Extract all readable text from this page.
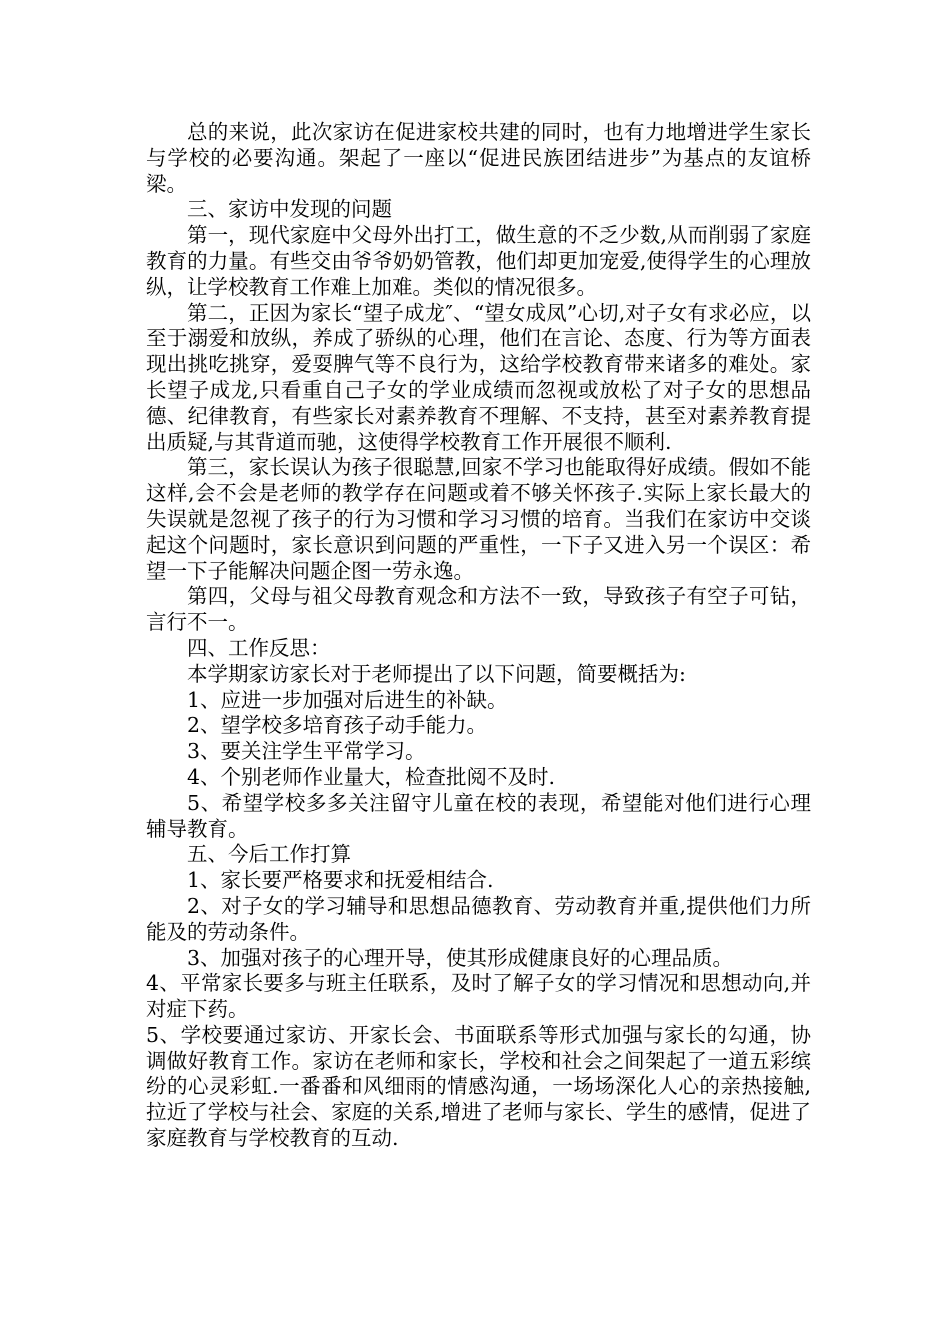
总的来说，此次家访在促进家校共建的同时，也有力地增进学生家长与学校的必要沟通。架起了一座以“促进民族团结进步”为基点的友谊桥梁。

三、家访中发现的问题

第一，现代家庭中父母外出打工，做生意的不乏少数,从而削弱了家庭教育的力量。有些交由爷爷奶奶管教，他们却更加宠爱,使得学生的心理放纵，让学校教育工作难上加难。类似的情况很多。

第二，正因为家长“望子成龙″、“望女成凤”心切,对子女有求必应，以至于溺爱和放纵，养成了骄纵的心理，他们在言论、态度、行为等方面表现出挑吃挑穿，爱耍脾气等不良行为，这给学校教育带来诸多的难处。家长望子成龙,只看重自己子女的学业成绩而忽视或放松了对子女的思想品德、纪律教育，有些家长对素养教育不理解、不支持，甚至对素养教育提出质疑,与其背道而驰，这使得学校教育工作开展很不顺利.

第三，家长误认为孩子很聪慧,回家不学习也能取得好成绩。假如不能这样,会不会是老师的教学存在问题或着不够关怀孩子.实际上家长最大的失误就是忽视了孩子的行为习惯和学习习惯的培育。当我们在家访中交谈起这个问题时，家长意识到问题的严重性，一下子又进入另一个误区：希望一下子能解决问题企图一劳永逸。

第四，父母与祖父母教育观念和方法不一致，导致孩子有空子可钻，言行不一。

四、工作反思：

本学期家访家长对于老师提出了以下问题，简要概括为:

1、应进一步加强对后进生的补缺。

2、望学校多培育孩子动手能力。

3、要关注学生平常学习。

4、个别老师作业量大，检查批阅不及时.

5、希望学校多多关注留守儿童在校的表现，希望能对他们进行心理辅导教育。

五、今后工作打算

1、家长要严格要求和抚爱相结合.

2、对子女的学习辅导和思想品德教育、劳动教育并重,提供他们力所能及的劳动条件。

3、加强对孩子的心理开导，使其形成健康良好的心理品质。

4、平常家长要多与班主任联系，及时了解子女的学习情况和思想动向,并对症下药。

5、学校要通过家访、开家长会、书面联系等形式加强与家长的勾通，协调做好教育工作。家访在老师和家长，学校和社会之间架起了一道五彩缤纷的心灵彩虹.一番番和风细雨的情感沟通，一场场深化人心的亲热接触,拉近了学校与社会、家庭的关系,增进了老师与家长、学生的感情，促进了家庭教育与学校教育的互动.
